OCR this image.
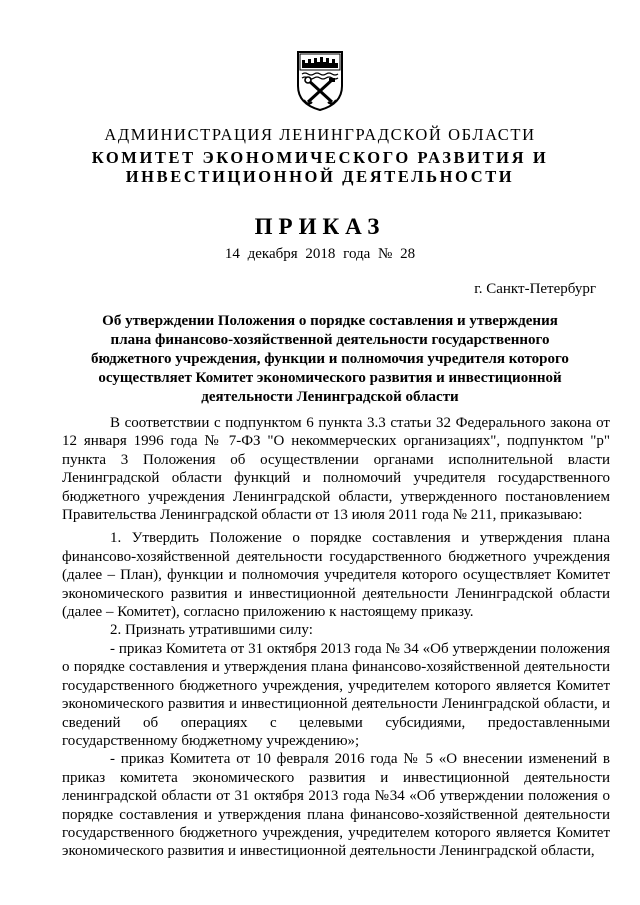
АДМИНИСТРАЦИЯ ЛЕНИНГРАДСКОЙ ОБЛАСТИ
КОМИТЕТ ЭКОНОМИЧЕСКОГО РАЗВИТИЯ И
ИНВЕСТИЦИОННОЙ ДЕЯТЕЛЬНОСТИ
ПРИКАЗ
14 декабря 2018 года № 28
г. Санкт-Петербург
Об утверждении Положения о порядке составления и утверждения
плана финансово-хозяйственной деятельности государственного
бюджетного учреждения, функции и полномочия учредителя которого
осуществляет Комитет экономического развития и инвестиционной
деятельности Ленинградской области

В соответствии с подпунктом 6 пункта 3.3 статьи 32 Федерального закона от 12 января 1996 года № 7-ФЗ "О некоммерческих организациях", подпунктом "р" пункта 3 Положения об осуществлении органами исполнительной власти Ленинградской области функций и полномочий учредителя государственного бюджетного учреждения Ленинградской области, утвержденного постановлением Правительства Ленинградской области от 13 июля 2011 года № 211, приказываю:

1. Утвердить Положение о порядке составления и утверждения плана финансово-хозяйственной деятельности государственного бюджетного учреждения (далее – План), функции и полномочия учредителя которого осуществляет Комитет экономического развития и инвестиционной деятельности Ленинградской области (далее – Комитет), согласно приложению к настоящему приказу.

2. Признать утратившими силу:

- приказ Комитета от 31 октября 2013 года № 34 «Об утверждении положения о порядке составления и утверждения плана финансово-хозяйственной деятельности государственного бюджетного учреждения, учредителем которого является Комитет экономического развития и инвестиционной деятельности Ленинградской области, и сведений об операциях с целевыми субсидиями, предоставленными государственному бюджетному учреждению»;

- приказ Комитета от 10 февраля 2016 года № 5 «О внесении изменений в приказ комитета экономического развития и инвестиционной деятельности ленинградской области от 31 октября 2013 года №34 «Об утверждении положения о порядке составления и утверждения плана финансово-хозяйственной деятельности государственного бюджетного учреждения, учредителем которого является Комитет экономического развития и инвестиционной деятельности Ленинградской области,
